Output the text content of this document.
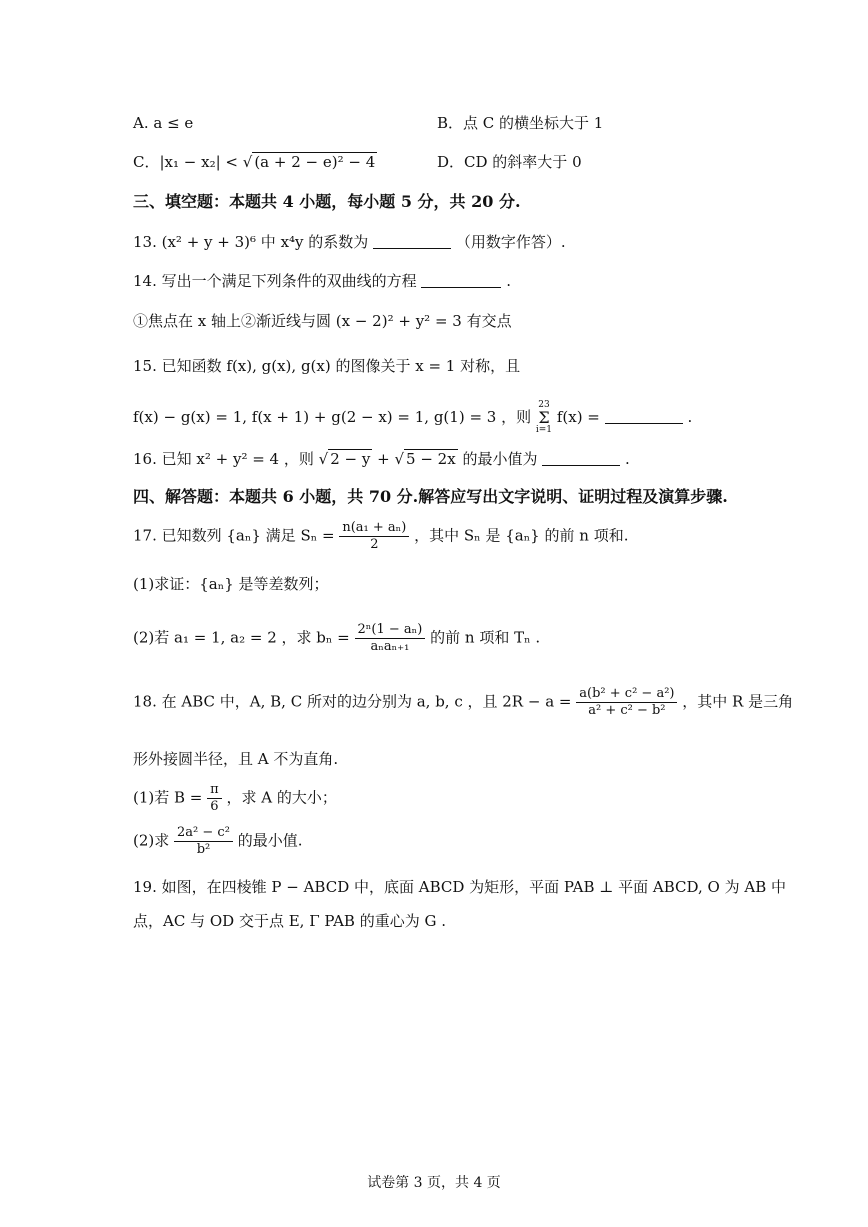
A. a ≤ e	B．点 C 的横坐标大于 1
C．|x₁ − x₂| < √ (a + 2 − e)² − 4	D．CD 的斜率大于 0
三、填空题：本题共 4 小题，每小题 5 分，共 20 分.
13. (x² + y + 3)⁶ 中 x⁴y 的系数为	（用数字作答）.
14. 写出一个满足下列条件的双曲线的方程	.
①焦点在 x 轴上②渐近线与圆 (x − 2)² + y² = 3 有交点
15. 已知函数 f(x), g(x), g(x) 的图像关于 x = 1 对称，且
f(x) − g(x) = 1, f(x + 1) + g(2 − x) = 1, g(1) = 3 ，则
23
Σ
i=1
f(x) =	.
16. 已知 x² + y² = 4 ，则 √ 2 − y + √ 5 − 2x 的最小值为	.
四、解答题：本题共 6 小题，共 70 分.解答应写出文字说明、证明过程及演算步骤.
17. 已知数列 {aₙ} 满足 $S_n = \frac{\text{n(a₁ + aₙ)}}{2}$ ，其中 Sₙ 是 {aₙ} 的前 n 项和.
(1)求证：{aₙ} 是等差数列；
(2)若 a₁ = 1, a₂ = 2 ，求 $b_n = \frac{\text{2ⁿ(1 − aₙ)}}{\text{aₙaₙ₊₁}}$ 的前 n 项和 Tₙ .
18. 在 ABC 中，A, B, C 所对的边分别为 a, b, c ，且 $2R - a = \frac{\text{a(b² + c² − a²)}}{\text{a² + c² − b²}}$ ，其中 R 是三角
形外接圆半径，且 A 不为直角.
(1)若 $B = \frac{\pi}{6}$ ，求 A 的大小；
(2)求 $\frac{\text{2a² − c²}}{\text{b²}}$ 的最小值.
19. 如图，在四棱锥 P − ABCD 中，底面 ABCD 为矩形，平面 PAB ⊥ 平面 ABCD, O 为 AB 中
点，AC 与 OD 交于点 E, Γ PAB 的重心为 G .
试卷第 3 页，共 4 页
